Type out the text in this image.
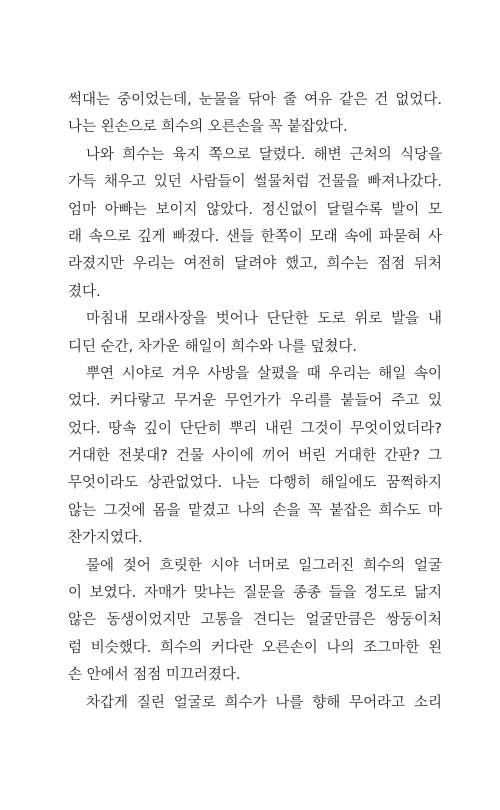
썩대는 중이었는데, 눈물을 닦아 줄 여유 같은 건 없었다.
나는 왼손으로 희수의 오른손을 꼭 붙잡았다.
나와 희수는 육지 쪽으로 달렸다. 해변 근처의 식당을
가득 채우고 있던 사람들이 썰물처럼 건물을 빠져나갔다.
엄마 아빠는 보이지 않았다. 정신없이 달릴수록 발이 모
래 속으로 깊게 빠졌다. 샌들 한쪽이 모래 속에 파묻혀 사
라졌지만 우리는 여전히 달려야 했고, 희수는 점점 뒤처
졌다.
마침내 모래사장을 벗어나 단단한 도로 위로 발을 내
디딘 순간, 차가운 해일이 희수와 나를 덮쳤다.
뿌연 시야로 겨우 사방을 살폈을 때 우리는 해일 속이
었다. 커다랗고 무거운 무언가가 우리를 붙들어 주고 있
었다. 땅속 깊이 단단히 뿌리 내린 그것이 무엇이었더라?
거대한 전봇대? 건물 사이에 끼어 버린 거대한 간판? 그
무엇이라도 상관없었다. 나는 다행히 해일에도 꿈쩍하지
않는 그것에 몸을 맡겼고 나의 손을 꼭 붙잡은 희수도 마
찬가지였다.
물에 젖어 흐릿한 시야 너머로 일그러진 희수의 얼굴
이 보였다. 자매가 맞냐는 질문을 종종 들을 정도로 닮지
않은 동생이었지만 고통을 견디는 얼굴만큼은 쌍둥이처
럼 비슷했다. 희수의 커다란 오른손이 나의 조그마한 왼
손 안에서 점점 미끄러졌다.
차갑게 질린 얼굴로 희수가 나를 향해 무어라고 소리
